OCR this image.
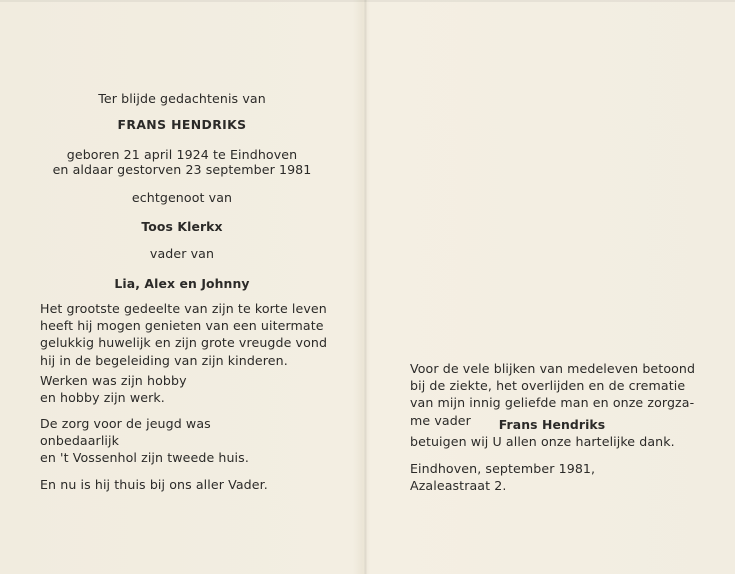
Ter blijde gedachtenis van
FRANS HENDRIKS
geboren 21 april 1924 te Eindhoven
en aldaar gestorven 23 september 1981
echtgenoot van
Toos Klerkx
vader van
Lia, Alex en Johnny
Het grootste gedeelte van zijn te korte leven
heeft hij mogen genieten van een uitermate
gelukkig huwelijk en zijn grote vreugde vond
hij in de begeleiding van zijn kinderen.
Werken was zijn hobby
en hobby zijn werk.
De zorg voor de jeugd was
onbedaarlijk
en 't Vossenhol zijn tweede huis.
En nu is hij thuis bij ons aller Vader.
Voor de vele blijken van medeleven betoond
bij de ziekte, het overlijden en de crematie
van mijn innig geliefde man en onze zorgza-
me vader	Frans Hendriks
betuigen wij U allen onze hartelijke dank.
Eindhoven, september 1981,
Azaleastraat 2.
